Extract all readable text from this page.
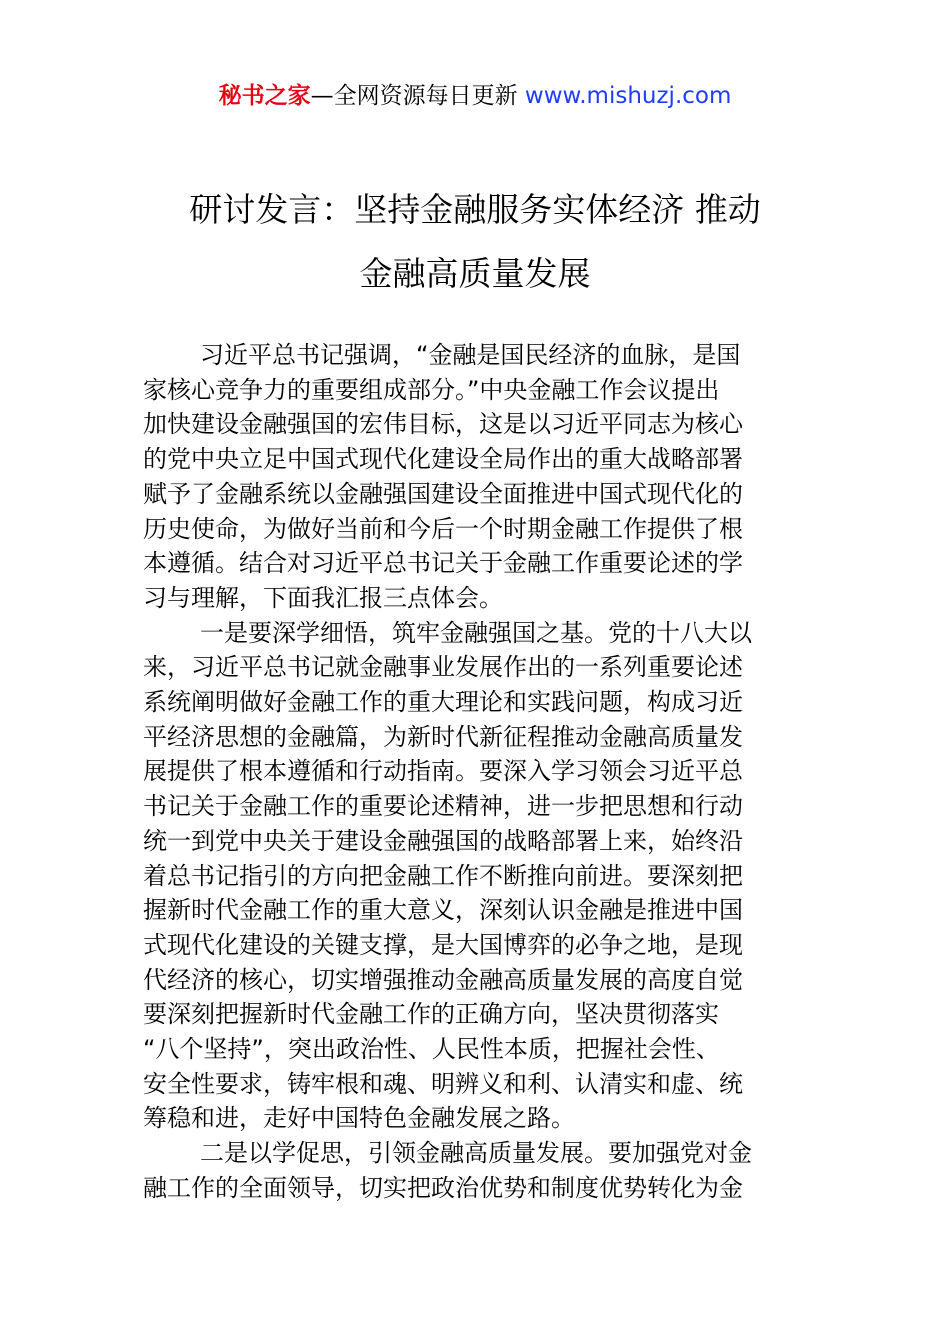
秘书之家—全网资源每日更新 www.mishuzj.com
研讨发言：坚持金融服务实体经济 推动
金融高质量发展
习近平总书记强调，“金融是国民经济的血脉，是国
家核心竞争力的重要组成部分。”中央金融工作会议提出
加快建设金融强国的宏伟目标，这是以习近平同志为核心
的党中央立足中国式现代化建设全局作出的重大战略部署
赋予了金融系统以金融强国建设全面推进中国式现代化的
历史使命，为做好当前和今后一个时期金融工作提供了根
本遵循。结合对习近平总书记关于金融工作重要论述的学
习与理解，下面我汇报三点体会。
一是要深学细悟，筑牢金融强国之基。党的十八大以
来，习近平总书记就金融事业发展作出的一系列重要论述
系统阐明做好金融工作的重大理论和实践问题，构成习近
平经济思想的金融篇，为新时代新征程推动金融高质量发
展提供了根本遵循和行动指南。要深入学习领会习近平总
书记关于金融工作的重要论述精神，进一步把思想和行动
统一到党中央关于建设金融强国的战略部署上来，始终沿
着总书记指引的方向把金融工作不断推向前进。要深刻把
握新时代金融工作的重大意义，深刻认识金融是推进中国
式现代化建设的关键支撑，是大国博弈的必争之地，是现
代经济的核心，切实增强推动金融高质量发展的高度自觉
要深刻把握新时代金融工作的正确方向，坚决贯彻落实
“八个坚持”，突出政治性、人民性本质，把握社会性、
安全性要求，铸牢根和魂、明辨义和利、认清实和虚、统
筹稳和进，走好中国特色金融发展之路。
二是以学促思，引领金融高质量发展。要加强党对金
融工作的全面领导，切实把政治优势和制度优势转化为金
